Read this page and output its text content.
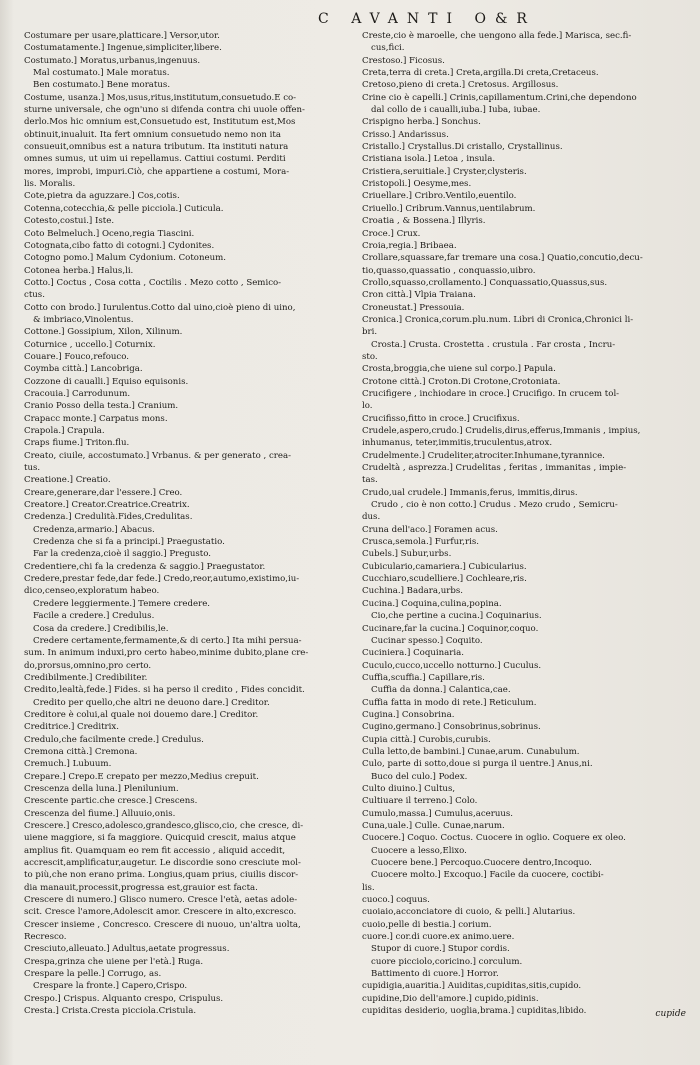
C AVANTI O&R
Costumare per usare,platticare.] Versor,utor.
Costumatamente.] Ingenue,simpliciter,libere.
Costumato.] Moratus,urbanus,ingenuus.
Mal costumato.] Male moratus.
Ben costumato.] Bene moratus.
Costume, usanza.] Mos,usus,ritus,institutum,consuetudo.E co-
sturne universale, che ogn'uno si difenda contra chi uuole offen-
derlo.Mos hic omnium est,Consuetudo est, Institutum est,Mos
obtinuit,inualuit. Ita fert omnium consuetudo nemo non ita
consueuit,omnibus est a natura tributum. Ita instituti natura
omnes sumus, ut uim ui repellamus. Cattiui costumi. Perditi
mores, improbi, impuri.Ciò, che appartiene a costumi, Mora-
lis. Moralis.
Cote,pietra da aguzzare.] Cos,cotis.
Cotenna,cotecchia,& pelle picciola.] Cuticula.
Cotesto,costui.] Iste.
Coto Belmeluch.] Oceno,regia Tiascini.
Cotognata,cibo fatto di cotogni.] Cydonites.
Cotogno pomo.] Malum Cydonium. Cotoneum.
Cotonea herba.] Halus,li.
Cotto.] Coctus , Cosa cotta , Coctilis . Mezo cotto , Semico-
ctus.
Cotto con brodo.] Iurulentus.Cotto dal uino,cioè pieno di uino,
& imbriaco,Vinolentus.
Cottone.] Gossipium, Xilon, Xilinum.
Coturnice , uccello.] Coturnix.
Couare.] Fouco,refouco.
Coymba città.] Lancobriga.
Cozzone di caualli.] Equiso equisonis.
Cracouia.] Carrodunum.
Cranio Posso della testa.] Cranium.
Crapacc monte.] Carpatus mons.
Crapola.] Crapula.
Craps fiume.] Triton.flu.
Creato, ciuile, accostumato.] Vrbanus. & per generato , crea-
tus.
Creatione.] Creatio.
Creare,generare,dar l'essere.] Creo.
Creatore.] Creator.Creatrice.Creatrix.
Credenza.] Credulità.Fides,Credulitas.
Credenza,armario.] Abacus.
Credenza che si fa a principi.] Praegustatio.
Far la credenza,cioè il saggio.] Pregusto.
Credentiere,chi fa la credenza & saggio.] Praegustator.
Credere,prestar fede,dar fede.] Credo,reor,autumo,existimo,iu-
dico,censeo,exploratum habeo.
Credere leggiermente.] Temere credere.
Facile a credere.] Credulus.
Cosa da credere.] Credibilis,le.
Credere certamente,fermamente,& di certo.] Ita mihi persua-
sum. In animum induxi,pro certo habeo,minime dubito,plane cre-
do,prorsus,omnino,pro certo.
Credibilmente.] Credibiliter.
Credito,lealtà,fede.] Fides. si ha perso il credito , Fides concidit.
Credito per quello,che altri ne deuono dare.] Creditor.
Creditore è colui,al quale noi douemo dare.] Creditor.
Creditrice.] Creditrix.
Credulo,che facilmente crede.] Credulus.
Cremona città.] Cremona.
Cremuch.] Lubuum.
Crepare.] Crepo.E crepato per mezzo,Medius crepuit.
Crescenza della luna.] Plenilunium.
Crescente partic.che cresce.] Crescens.
Crescenza del fiume.] Alluuio,onis.
Crescere.] Cresco,adolesco,grandesco,glisco,cio, che cresce, di-
uiene maggiore, si fa maggiore. Quicquid crescit, maius atque
amplius fit. Quamquam eo rem fit accessio , aliquid accedit,
accrescit,amplificatur,augetur. Le discordie sono cresciute mol-
to più,che non erano prima. Longius,quam prius, ciuilis discor-
dia manauit,processit,progressa est,grauior est facta.
Crescere di numero.] Glisco numero. Cresce l'età, aetas adole-
scit. Cresce l'amore,Adolescit amor. Crescere in alto,excresco.
Crescer insieme , Concresco. Crescere di nuouo, un'altra uolta,
Recresco.
Cresciuto,alleuato.] Adultus,aetate progressus.
Crespa,grinza che uiene per l'età.] Ruga.
Crespare la pelle.] Corrugo, as.
Crespare la fronte.] Capero,Crispo.
Crespo.] Crispus. Alquanto crespo, Crispulus.
Cresta.] Crista.Cresta picciola.Cristula.
Creste,cio è maroelle, che uengono alla fede.] Marisca, sec.fi-
cus,fici.
Crestoso.] Ficosus.
Creta,terra di creta.] Creta,argilla.Di creta,Cretaceus.
Cretoso,pieno di creta.] Cretosus. Argillosus.
Crine cio è capelli.] Crinis,capillamentum.Crini,che dependono
dal collo de i caualli,iuba.] Iuba, iubae.
Crispigno herba.] Sonchus.
Crisso.] Andarissus.
Cristallo.] Crystallus.Di cristallo, Crystallinus.
Cristiana isola.] Letoa , insula.
Cristiera,seruitiale.] Cryster,clysteris.
Cristopoli.] Oesyme,mes.
Criuellare.] Cribro.Ventilo,euentilo.
Criuello.] Cribrum.Vannus,uentilabrum.
Croatia , & Bossena.] Illyris.
Croce.] Crux.
Croia,regia.] Bribaea.
Crollare,squassare,far tremare una cosa.] Quatio,concutio,decu-
tio,quasso,quassatio , conquassio,uibro.
Crollo,squasso,crollamento.] Conquassatio,Quassus,sus.
Cron città.] Vlpia Traiana.
Croneustat.] Pressouia.
Cronica.] Cronica,corum.plu.num. Libri di Cronica,Chronici li-
bri.
Crosta.] Crusta. Crostetta . crustula . Far crosta , Incru-
sto.
Crosta,broggia,che uiene sul corpo.] Papula.
Crotone città.] Croton.Di Crotone,Crotoniata.
Crucifigere , inchiodare in croce.] Crucifigo. In crucem tol-
lo.
Crucifisso,fitto in croce.] Crucifixus.
Crudele,aspero,crudo.] Crudelis,dirus,efferus,Immanis , impius,
inhumanus, teter,immitis,truculentus,atrox.
Crudelmente.] Crudeliter,atrociter.Inhumane,tyrannice.
Crudeltà , asprezza.] Crudelitas , feritas , immanitas , impie-
tas.
Crudo,ual crudele.] Immanis,ferus, immitis,dirus.
Crudo , cio è non cotto.] Crudus . Mezo crudo , Semicru-
dus.
Cruna dell'aco.] Foramen acus.
Crusca,semola.] Furfur,ris.
Cubels.] Subur,urbs.
Cubiculario,camariera.] Cubicularius.
Cucchiaro,scudelliere.] Cochleare,ris.
Cuchina.] Badara,urbs.
Cucina.] Coquina,culina,popina.
Cio,che pertine a cucina.] Coquinarius.
Cucinare,far la cucina.] Coquinor,coquo.
Cucinar spesso.] Coquito.
Cuciniera.] Coquinaria.
Cuculo,cucco,uccello notturno.] Cuculus.
Cuffia,scuffia.] Capillare,ris.
Cuffia da donna.] Calantica,cae.
Cuffia fatta in modo di rete.] Reticulum.
Cugina.] Consobrina.
Cugino,germano.] Consobrinus,sobrinus.
Cupia città.] Curobis,curubis.
Culla letto,de bambini.] Cunae,arum. Cunabulum.
Culo, parte di sotto,doue si purga il uentre.] Anus,ni.
Buco del culo.] Podex.
Culto diuino.] Cultus,
Cultiuare il terreno.] Colo.
Cumulo,massa.] Cumulus,aceruus.
Cuna,uale.] Culle. Cunae,narum.
Cuocere.] Coquo. Coctus. Cuocere in oglio. Coquere ex oleo.
Cuocere a lesso,Elixo.
Cuocere bene.] Percoquo.Cuocere dentro,Incoquo.
Cuocere molto.] Excoquo.] Facile da cuocere, coctibi-
lis.
cuoco.] coquus.
cuoiaio,acconciatore di cuoio, & pelli.] Alutarius.
cuoio,pelle di bestia.] corium.
cuore.] cor.di cuore.ex animo.uere.
Stupor di cuore.] Stupor cordis.
cuore picciolo,coricino.] corculum.
Battimento di cuore.] Horror.
cupidigia,auaritia.] Auiditas,cupiditas,sitis,cupido.
cupidine,Dio dell'amore.] cupido,pidinis.
cupiditas desiderio, uoglia,brama.] cupiditas,libido.	cupide
